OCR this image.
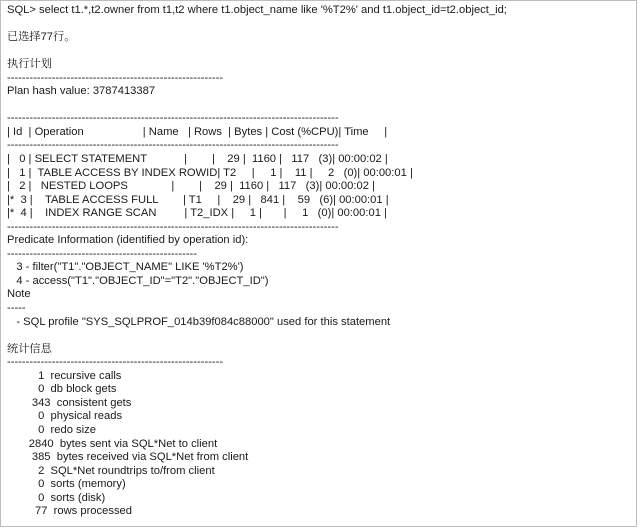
SQL> select t1.*,t2.owner from t1,t2 where t1.object_name like '%T2%' and t1.object_id=t2.object_id;
已选择77行。
执行计划
----------------------------------------------------------
Plan hash value: 3787413387
-----------------------------------------------------------------------------------------
| Id  | Operation                   | Name   | Rows  | Bytes | Cost (%CPU)| Time     |
-----------------------------------------------------------------------------------------
|   0 | SELECT STATEMENT            |        |    29 |  1160 |   117   (3)| 00:00:02 |
|   1 |  TABLE ACCESS BY INDEX ROWID| T2     |     1 |    11 |     2   (0)| 00:00:01 |
|   2 |   NESTED LOOPS              |        |    29 |  1160 |   117   (3)| 00:00:02 |
|*  3 |    TABLE ACCESS FULL        | T1     |    29 |   841 |    59   (6)| 00:00:01 |
|*  4 |    INDEX RANGE SCAN         | T2_IDX |     1 |       |     1   (0)| 00:00:01 |
-----------------------------------------------------------------------------------------
Predicate Information (identified by operation id):
---------------------------------------------------
3 - filter("T1"."OBJECT_NAME" LIKE '%T2%')
4 - access("T1"."OBJECT_ID"="T2"."OBJECT_ID")
Note
-----
- SQL profile "SYS_SQLPROF_014b39f084c88000" used for this statement
统计信息
----------------------------------------------------------
1  recursive calls
0  db block gets
343  consistent gets
0  physical reads
0  redo size
2840  bytes sent via SQL*Net to client
385  bytes received via SQL*Net from client
2  SQL*Net roundtrips to/from client
0  sorts (memory)
0  sorts (disk)
77  rows processed
